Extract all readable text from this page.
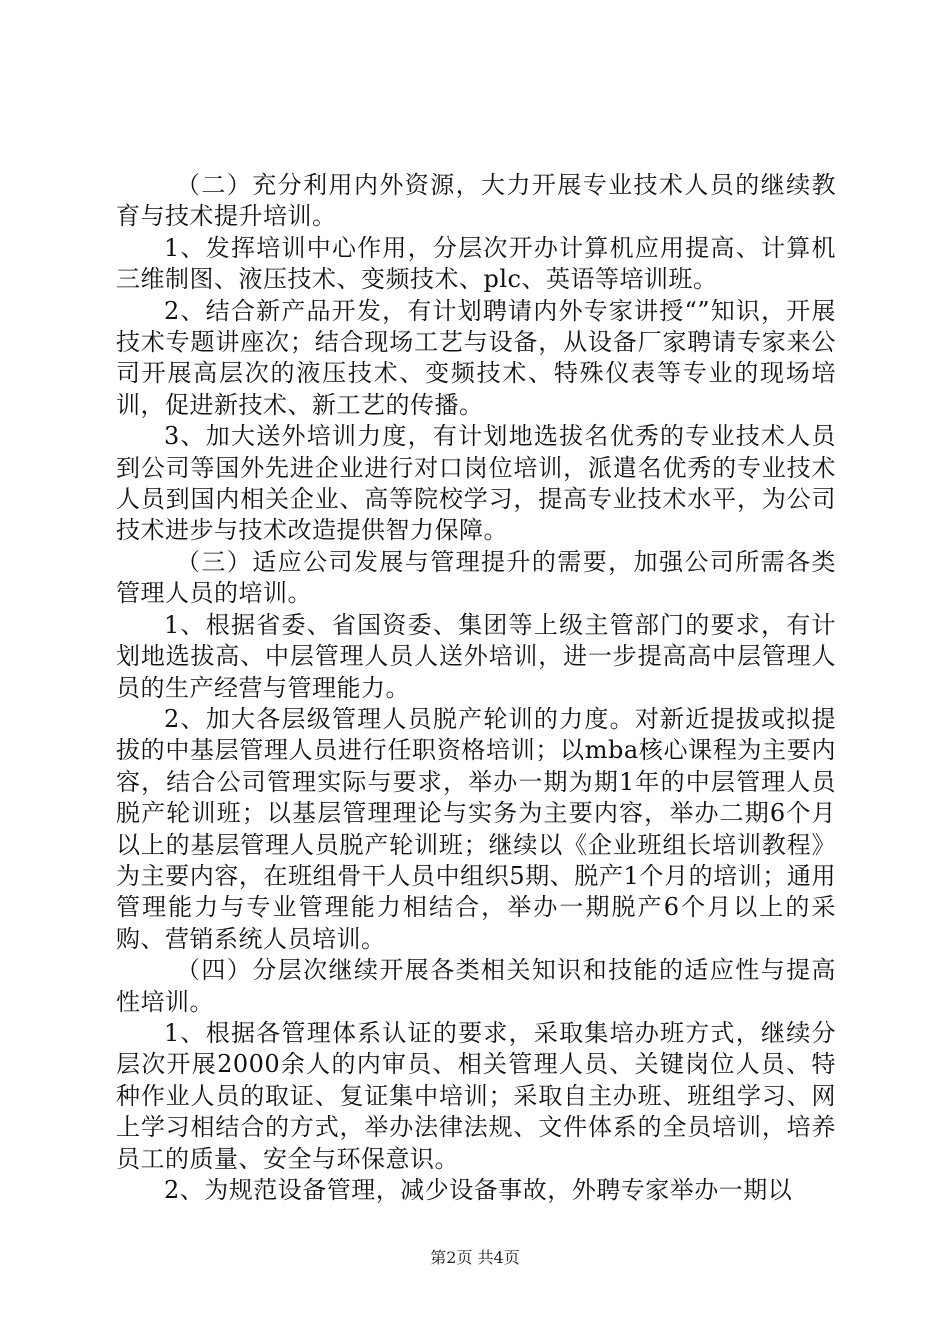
（二）充分利用内外资源，大力开展专业技术人员的继续教育与技术提升培训。

1、发挥培训中心作用，分层次开办计算机应用提高、计算机三维制图、液压技术、变频技术、plc、英语等培训班。

2、结合新产品开发，有计划聘请内外专家讲授“”知识，开展技术专题讲座次；结合现场工艺与设备，从设备厂家聘请专家来公司开展高层次的液压技术、变频技术、特殊仪表等专业的现场培训，促进新技术、新工艺的传播。

3、加大送外培训力度，有计划地选拔名优秀的专业技术人员到公司等国外先进企业进行对口岗位培训，派遣名优秀的专业技术人员到国内相关企业、高等院校学习，提高专业技术水平，为公司技术进步与技术改造提供智力保障。

（三）适应公司发展与管理提升的需要，加强公司所需各类管理人员的培训。

1、根据省委、省国资委、集团等上级主管部门的要求，有计划地选拔高、中层管理人员人送外培训，进一步提高高中层管理人员的生产经营与管理能力。

2、加大各层级管理人员脱产轮训的力度。对新近提拔或拟提拔的中基层管理人员进行任职资格培训；以mba核心课程为主要内容，结合公司管理实际与要求，举办一期为期1年的中层管理人员脱产轮训班；以基层管理理论与实务为主要内容，举办二期6个月以上的基层管理人员脱产轮训班；继续以《企业班组长培训教程》为主要内容，在班组骨干人员中组织5期、脱产1个月的培训；通用管理能力与专业管理能力相结合，举办一期脱产6个月以上的采购、营销系统人员培训。

（四）分层次继续开展各类相关知识和技能的适应性与提高性培训。

1、根据各管理体系认证的要求，采取集培办班方式，继续分层次开展2000余人的内审员、相关管理人员、关键岗位人员、特种作业人员的取证、复证集中培训；采取自主办班、班组学习、网上学习相结合的方式，举办法律法规、文件体系的全员培训，培养员工的质量、安全与环保意识。

2、为规范设备管理，减少设备事故，外聘专家举办一期以

第2页 共4页
